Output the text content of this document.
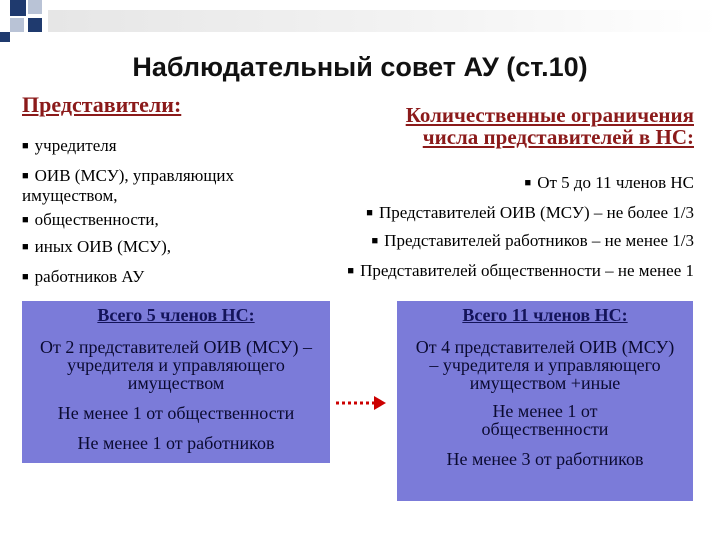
Наблюдательный совет АУ (ст.10)
Представители:	Количественные ограничения
числа представителей в НС:
■ учредителя
■ ОИВ (МСУ), управляющих имуществом,
■ общественности,
■ иных ОИВ (МСУ),
■ работников АУ
■ От 5 до 11 членов НС
■ Представителей ОИВ (МСУ) – не более 1/3
■ Представителей работников – не менее 1/3
■ Представителей общественности – не менее 1
Всего 5 членов НС:
От 2 представителей ОИВ (МСУ) – учредителя и управляющего имуществом
Не менее 1 от общественности
Не менее 1 от работников
Всего 11 членов НС:
От 4 представителей ОИВ (МСУ) – учредителя и управляющего имуществом +иные
Не менее 1 от общественности
Не менее 3 от работников
